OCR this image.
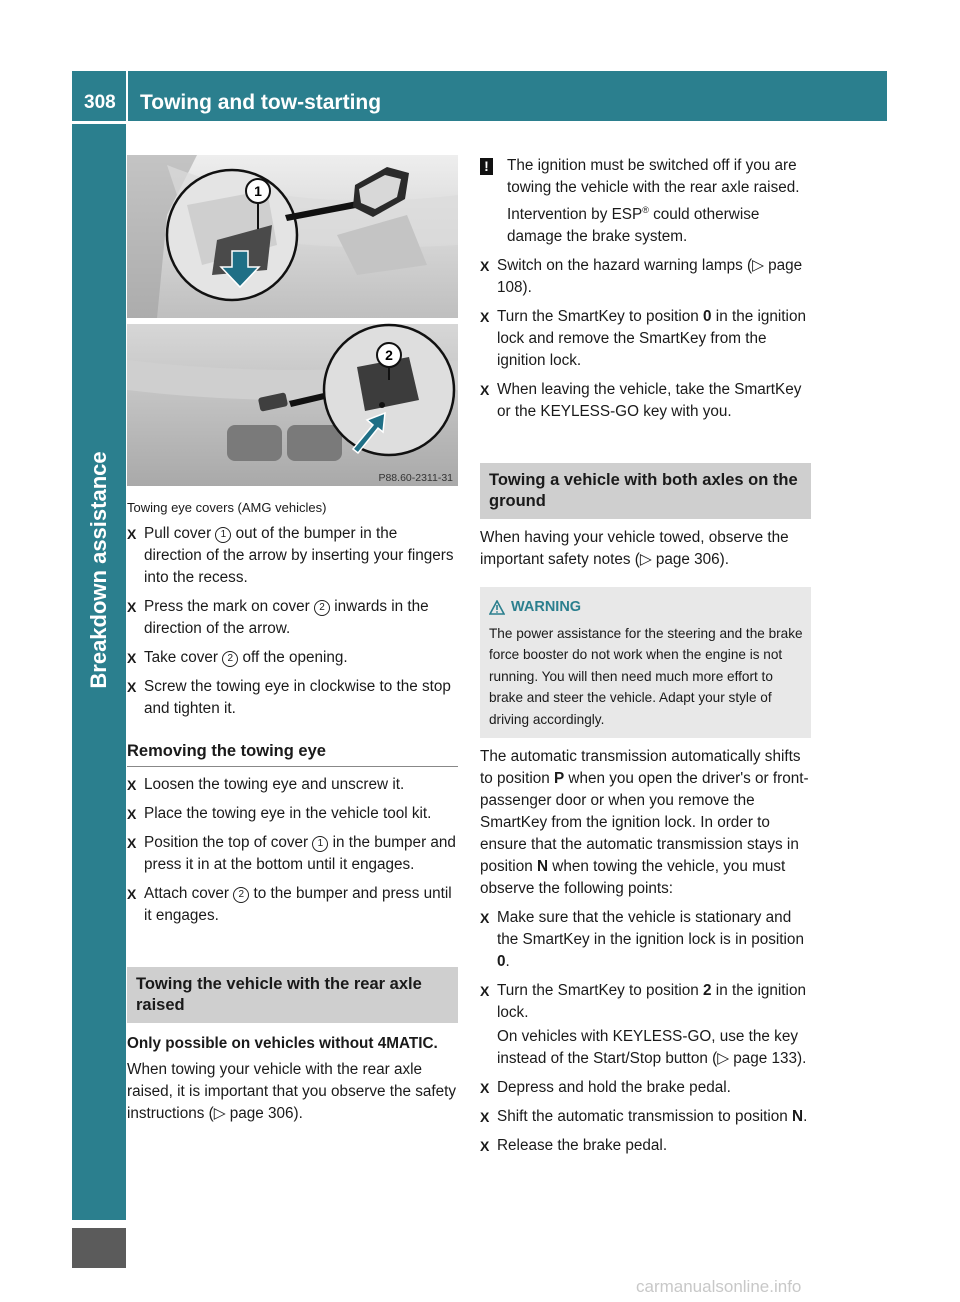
308 Towing and tow-starting
Breakdown assistance
1
2
P88.60-2311-31
Towing eye covers (AMG vehicles)
X Pull cover 1 out of the bumper in the direction of the arrow by inserting your fingers into the recess.
X Press the mark on cover 2 inwards in the direction of the arrow.
X Take cover 2 off the opening.
X Screw the towing eye in clockwise to the stop and tighten it.
Removing the towing eye
X Loosen the towing eye and unscrew it.
X Place the towing eye in the vehicle tool kit.
X Position the top of cover 1 in the bumper and press it in at the bottom until it engages.
X Attach cover 2 to the bumper and press until it engages.
Towing the vehicle with the rear axle raised
Only possible on vehicles without 4MATIC.
When towing your vehicle with the rear axle raised, it is important that you observe the safety instructions (▷ page 306).
! The ignition must be switched off if you are towing the vehicle with the rear axle raised. Intervention by ESP® could otherwise damage the brake system.
X Switch on the hazard warning lamps (▷ page 108).
X Turn the SmartKey to position 0 in the ignition lock and remove the SmartKey from the ignition lock.
X When leaving the vehicle, take the SmartKey or the KEYLESS-GO key with you.
Towing a vehicle with both axles on the ground
When having your vehicle towed, observe the important safety notes (▷ page 306).
WARNING
The power assistance for the steering and the brake force booster do not work when the engine is not running. You will then need much more effort to brake and steer the vehicle. Adapt your style of driving accordingly.
The automatic transmission automatically shifts to position P when you open the driver's or front-passenger door or when you remove the SmartKey from the ignition lock. In order to ensure that the automatic transmission stays in position N when towing the vehicle, you must observe the following points:
X Make sure that the vehicle is stationary and the SmartKey in the ignition lock is in position 0.
X Turn the SmartKey to position 2 in the ignition lock.
On vehicles with KEYLESS-GO, use the key instead of the Start/Stop button (▷ page 133).
X Depress and hold the brake pedal.
X Shift the automatic transmission to position N.
X Release the brake pedal.
carmanualsonline.info
